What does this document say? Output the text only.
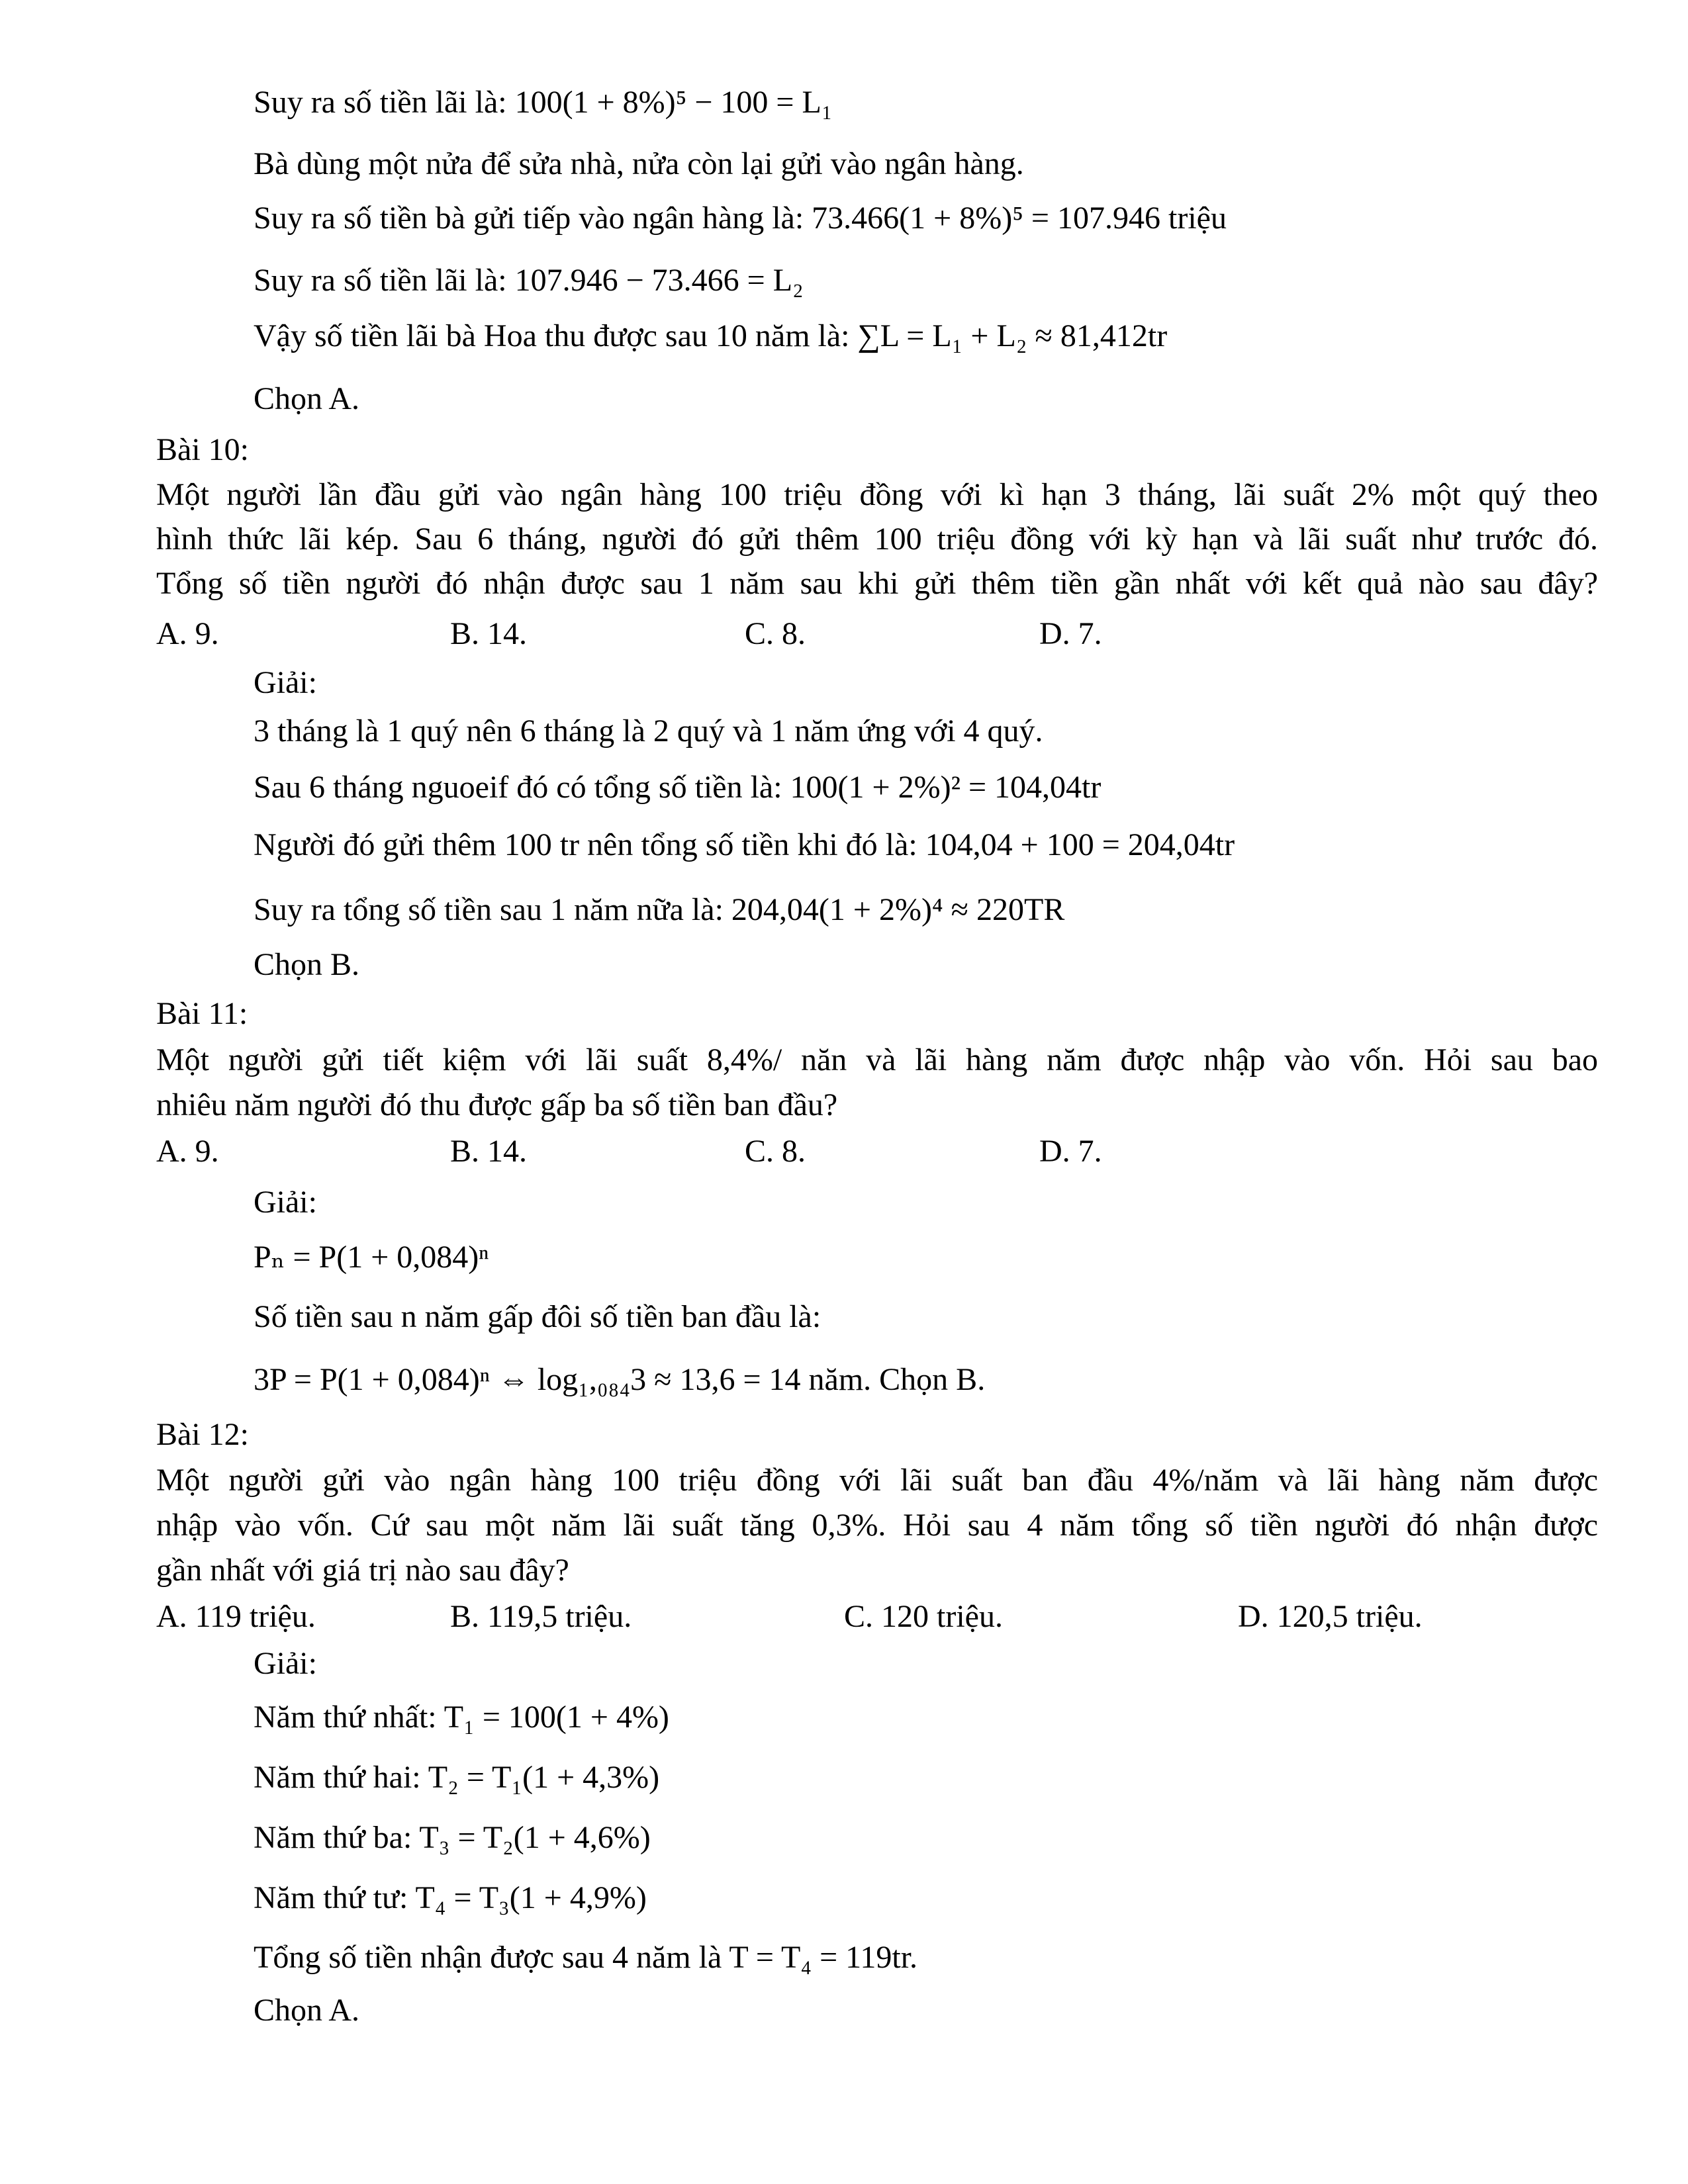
Suy ra số tiền lãi là: 100(1 + 8%)⁵ − 100 = L₁
Bà dùng một nửa để sửa nhà, nửa còn lại gửi vào ngân hàng.
Suy ra số tiền bà gửi tiếp vào ngân hàng là: 73.466(1 + 8%)⁵ = 107.946 triệu
Suy ra số tiền lãi là: 107.946 − 73.466 = L₂
Vậy số tiền lãi bà Hoa thu được sau 10 năm là: ∑L = L₁ + L₂ ≈ 81,412tr
Chọn A.
Bài 10:
Một người lần đầu gửi vào ngân hàng 100 triệu đồng với kì hạn 3 tháng, lãi suất 2% một quý theo
hình thức lãi kép. Sau 6 tháng, người đó gửi thêm 100 triệu đồng với kỳ hạn và lãi suất như trước đó.
Tổng số tiền người đó nhận được sau 1 năm sau khi gửi thêm tiền gần nhất với kết quả nào sau đây?
A. 9.	B. 14.	C. 8.	D. 7.
Giải:
3 tháng là 1 quý nên 6 tháng là 2 quý và 1 năm ứng với 4 quý.
Sau 6 tháng nguoeif đó có tổng số tiền là: 100(1 + 2%)² = 104,04tr
Người đó gửi thêm 100 tr nên tổng số tiền khi đó là: 104,04 + 100 = 204,04tr
Suy ra tổng số tiền sau 1 năm nữa là: 204,04(1 + 2%)⁴ ≈ 220TR
Chọn B.
Bài 11:
Một người gửi tiết kiệm với lãi suất 8,4%/ năn và lãi hàng năm được nhập vào vốn. Hỏi sau bao
nhiêu năm người đó thu được gấp ba số tiền ban đầu?
A. 9.	B. 14.	C. 8.	D. 7.
Giải:
Pₙ = P(1 + 0,084)ⁿ
Số tiền sau n năm gấp đôi số tiền ban đầu là:
3P = P(1 + 0,084)ⁿ ⇔ log₁,₀₈₄3 ≈ 13,6 = 14 năm. Chọn B.
Bài 12:
Một người gửi vào ngân hàng 100 triệu đồng với lãi suất ban đầu 4%/năm và lãi hàng năm được
nhập vào vốn. Cứ sau một năm lãi suất tăng 0,3%. Hỏi sau 4 năm tổng số tiền người đó nhận được
gần nhất với giá trị nào sau đây?
A. 119 triệu.	B. 119,5 triệu.	C. 120 triệu.	D. 120,5 triệu.
Giải:
Năm thứ nhất: T₁ = 100(1 + 4%)
Năm thứ hai: T₂ = T₁(1 + 4,3%)
Năm thứ ba: T₃ = T₂(1 + 4,6%)
Năm thứ tư: T₄ = T₃(1 + 4,9%)
Tổng số tiền nhận được sau 4 năm là T = T₄ = 119tr.
Chọn A.
